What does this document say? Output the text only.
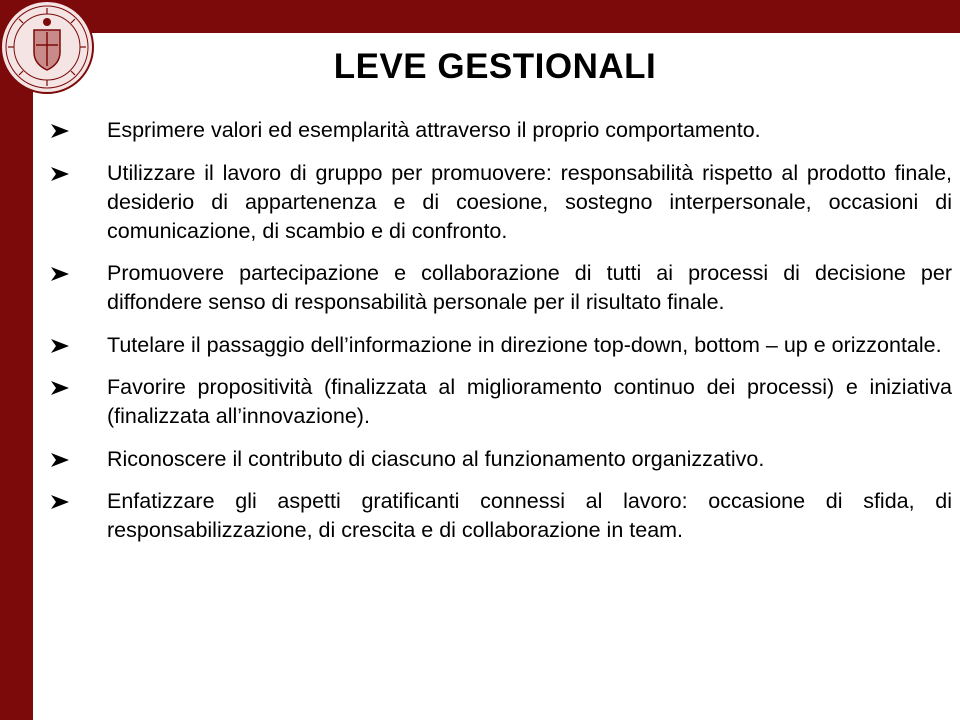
LEVE GESTIONALI
Esprimere valori ed esemplarità attraverso il proprio comportamento.
Utilizzare il lavoro di gruppo per promuovere: responsabilità rispetto al prodotto finale, desiderio di appartenenza e di coesione, sostegno interpersonale, occasioni di comunicazione, di scambio e di confronto.
Promuovere partecipazione e collaborazione di tutti ai processi di decisione per diffondere senso di responsabilità personale per il risultato finale.
Tutelare il passaggio dell’informazione in direzione top-down, bottom – up e orizzontale.
Favorire propositività (finalizzata al miglioramento continuo dei processi) e iniziativa (finalizzata all’innovazione).
Riconoscere il contributo di ciascuno al funzionamento organizzativo.
Enfatizzare gli aspetti gratificanti connessi al lavoro: occasione di sfida, di responsabilizzazione, di crescita e di collaborazione in team.
